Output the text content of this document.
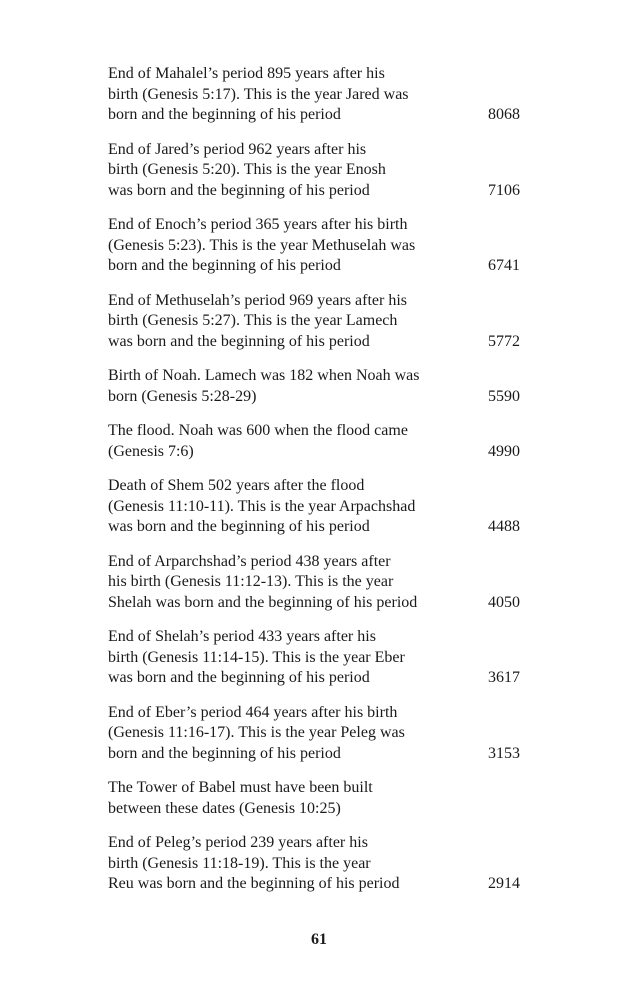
End of Mahalel’s period 895 years after his
birth (Genesis 5:17). This is the year Jared was
born and the beginning of his period	8068
End of Jared’s period 962 years after his
birth (Genesis 5:20). This is the year Enosh
was born and the beginning of his period	7106
End of Enoch’s period 365 years after his birth
(Genesis 5:23). This is the year Methuselah was
born and the beginning of his period	6741
End of Methuselah’s period 969 years after his
birth (Genesis 5:27). This is the year Lamech
was born and the beginning of his period	5772
Birth of Noah. Lamech was 182 when Noah was
born (Genesis 5:28-29)	5590
The flood. Noah was 600 when the flood came
(Genesis 7:6)	4990
Death of Shem 502 years after the flood
(Genesis 11:10-11). This is the year Arpachshad
was born and the beginning of his period	4488
End of Arparchshad’s period 438 years after
his birth (Genesis 11:12-13). This is the year
Shelah was born and the beginning of his period	4050
End of Shelah’s period 433 years after his
birth (Genesis 11:14-15). This is the year Eber
was born and the beginning of his period	3617
End of Eber’s period 464 years after his birth
(Genesis 11:16-17). This is the year Peleg was
born and the beginning of his period	3153
The Tower of Babel must have been built
between these dates (Genesis 10:25)
End of Peleg’s period 239 years after his
birth (Genesis 11:18-19). This is the year
Reu was born and the beginning of his period	2914
61
